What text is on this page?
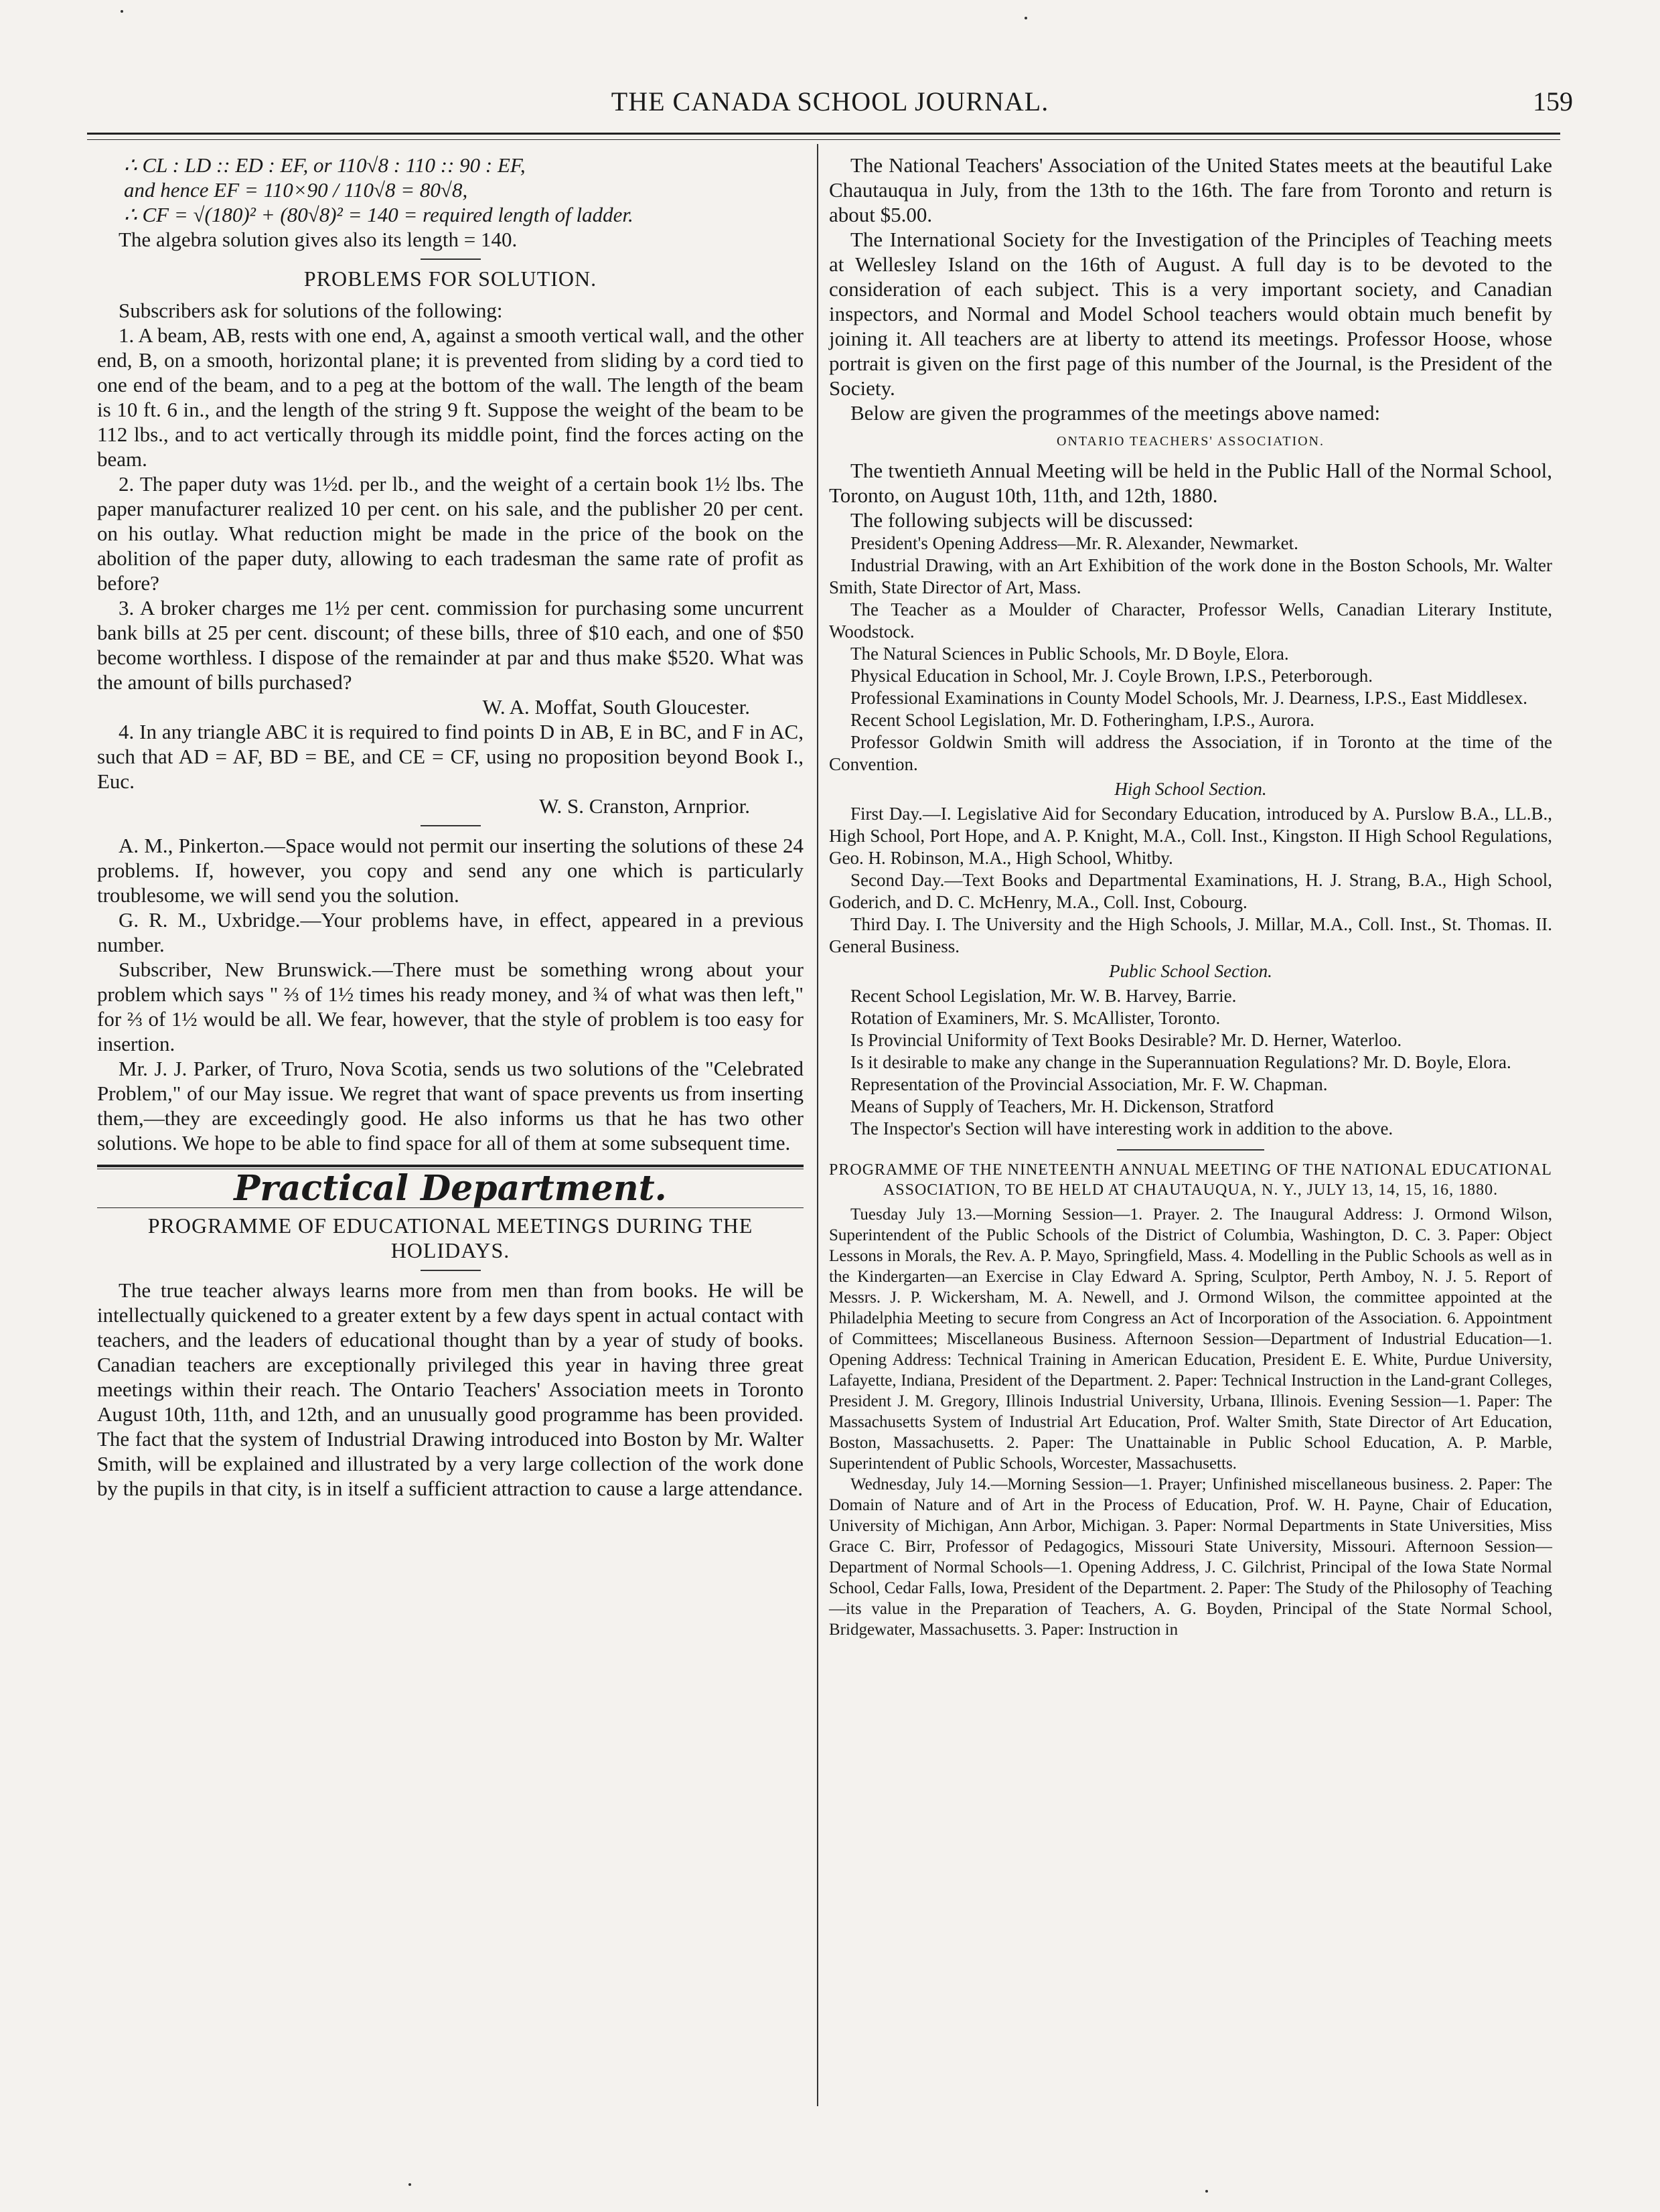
THE CANADA SCHOOL JOURNAL.	159

∴ CL : LD :: ED : EF, or 110√8 : 110 :: 90 : EF,

and hence EF = 110×90 / 110√8 = 80√8,

∴ CF = √(180)² + (80√8)² = 140 = required length of ladder.

The algebra solution gives also its length = 140.

PROBLEMS FOR SOLUTION.

Subscribers ask for solutions of the following:

1. A beam, AB, rests with one end, A, against a smooth vertical wall, and the other end, B, on a smooth, horizontal plane; it is prevented from sliding by a cord tied to one end of the beam, and to a peg at the bottom of the wall. The length of the beam is 10 ft. 6 in., and the length of the string 9 ft. Suppose the weight of the beam to be 112 lbs., and to act vertically through its middle point, find the forces acting on the beam.

2. The paper duty was 1½d. per lb., and the weight of a certain book 1½ lbs. The paper manufacturer realized 10 per cent. on his sale, and the publisher 20 per cent. on his outlay. What reduction might be made in the price of the book on the abolition of the paper duty, allowing to each tradesman the same rate of profit as before?

3. A broker charges me 1½ per cent. commission for purchasing some uncurrent bank bills at 25 per cent. discount; of these bills, three of $10 each, and one of $50 become worthless. I dispose of the remainder at par and thus make $520. What was the amount of bills purchased?

W. A. Moffat, South Gloucester.

4. In any triangle ABC it is required to find points D in AB, E in BC, and F in AC, such that AD = AF, BD = BE, and CE = CF, using no proposition beyond Book I., Euc.

W. S. Cranston, Arnprior.

A. M., Pinkerton.—Space would not permit our inserting the solutions of these 24 problems. If, however, you copy and send any one which is particularly troublesome, we will send you the solution.

G. R. M., Uxbridge.—Your problems have, in effect, appeared in a previous number.

Subscriber, New Brunswick.—There must be something wrong about your problem which says " ⅔ of 1½ times his ready money, and ¾ of what was then left," for ⅔ of 1½ would be all. We fear, however, that the style of problem is too easy for insertion.

Mr. J. J. Parker, of Truro, Nova Scotia, sends us two solutions of the "Celebrated Problem," of our May issue. We regret that want of space prevents us from inserting them,—they are exceedingly good. He also informs us that he has two other solutions. We hope to be able to find space for all of them at some subsequent time.

Practical Department.

PROGRAMME OF EDUCATIONAL MEETINGS DURING THE HOLIDAYS.

The true teacher always learns more from men than from books. He will be intellectually quickened to a greater extent by a few days spent in actual contact with teachers, and the leaders of educational thought than by a year of study of books. Canadian teachers are exceptionally privileged this year in having three great meetings within their reach. The Ontario Teachers' Association meets in Toronto August 10th, 11th, and 12th, and an unusually good programme has been provided. The fact that the system of Industrial Drawing introduced into Boston by Mr. Walter Smith, will be explained and illustrated by a very large collection of the work done by the pupils in that city, is in itself a sufficient attraction to cause a large attendance.

The National Teachers' Association of the United States meets at the beautiful Lake Chautauqua in July, from the 13th to the 16th. The fare from Toronto and return is about $5.00.

The International Society for the Investigation of the Principles of Teaching meets at Wellesley Island on the 16th of August. A full day is to be devoted to the consideration of each subject. This is a very important society, and Canadian inspectors, and Normal and Model School teachers would obtain much benefit by joining it. All teachers are at liberty to attend its meetings. Professor Hoose, whose portrait is given on the first page of this number of the Journal, is the President of the Society.

Below are given the programmes of the meetings above named:

ONTARIO TEACHERS' ASSOCIATION.

The twentieth Annual Meeting will be held in the Public Hall of the Normal School, Toronto, on August 10th, 11th, and 12th, 1880.

The following subjects will be discussed:

President's Opening Address—Mr. R. Alexander, Newmarket.

Industrial Drawing, with an Art Exhibition of the work done in the Boston Schools, Mr. Walter Smith, State Director of Art, Mass.

The Teacher as a Moulder of Character, Professor Wells, Canadian Literary Institute, Woodstock.

The Natural Sciences in Public Schools, Mr. D Boyle, Elora.

Physical Education in School, Mr. J. Coyle Brown, I.P.S., Peterborough.

Professional Examinations in County Model Schools, Mr. J. Dearness, I.P.S., East Middlesex.

Recent School Legislation, Mr. D. Fotheringham, I.P.S., Aurora.

Professor Goldwin Smith will address the Association, if in Toronto at the time of the Convention.

High School Section.

First Day.—I. Legislative Aid for Secondary Education, introduced by A. Purslow B.A., LL.B., High School, Port Hope, and A. P. Knight, M.A., Coll. Inst., Kingston. II High School Regulations, Geo. H. Robinson, M.A., High School, Whitby.

Second Day.—Text Books and Departmental Examinations, H. J. Strang, B.A., High School, Goderich, and D. C. McHenry, M.A., Coll. Inst, Cobourg.

Third Day. I. The University and the High Schools, J. Millar, M.A., Coll. Inst., St. Thomas. II. General Business.

Public School Section.

Recent School Legislation, Mr. W. B. Harvey, Barrie.

Rotation of Examiners, Mr. S. McAllister, Toronto.

Is Provincial Uniformity of Text Books Desirable? Mr. D. Herner, Waterloo.

Is it desirable to make any change in the Superannuation Regulations? Mr. D. Boyle, Elora.

Representation of the Provincial Association, Mr. F. W. Chapman.

Means of Supply of Teachers, Mr. H. Dickenson, Stratford

The Inspector's Section will have interesting work in addition to the above.

PROGRAMME OF THE NINETEENTH ANNUAL MEETING OF THE NATIONAL EDUCATIONAL ASSOCIATION, TO BE HELD AT CHAUTAUQUA, N. Y., JULY 13, 14, 15, 16, 1880.

Tuesday July 13.—Morning Session—1. Prayer. 2. The Inaugural Address: J. Ormond Wilson, Superintendent of the Public Schools of the District of Columbia, Washington, D. C. 3. Paper: Object Lessons in Morals, the Rev. A. P. Mayo, Springfield, Mass. 4. Modelling in the Public Schools as well as in the Kindergarten—an Exercise in Clay Edward A. Spring, Sculptor, Perth Amboy, N. J. 5. Report of Messrs. J. P. Wickersham, M. A. Newell, and J. Ormond Wilson, the committee appointed at the Philadelphia Meeting to secure from Congress an Act of Incorporation of the Association. 6. Appointment of Committees; Miscellaneous Business. Afternoon Session—Department of Industrial Education—1. Opening Address: Technical Training in American Education, President E. E. White, Purdue University, Lafayette, Indiana, President of the Department. 2. Paper: Technical Instruction in the Land-grant Colleges, President J. M. Gregory, Illinois Industrial University, Urbana, Illinois. Evening Session—1. Paper: The Massachusetts System of Industrial Art Education, Prof. Walter Smith, State Director of Art Education, Boston, Massachusetts. 2. Paper: The Unattainable in Public School Education, A. P. Marble, Superintendent of Public Schools, Worcester, Massachusetts.

Wednesday, July 14.—Morning Session—1. Prayer; Unfinished miscellaneous business. 2. Paper: The Domain of Nature and of Art in the Process of Education, Prof. W. H. Payne, Chair of Education, University of Michigan, Ann Arbor, Michigan. 3. Paper: Normal Departments in State Universities, Miss Grace C. Birr, Professor of Pedagogics, Missouri State University, Missouri. Afternoon Session—Department of Normal Schools—1. Opening Address, J. C. Gilchrist, Principal of the Iowa State Normal School, Cedar Falls, Iowa, President of the Department. 2. Paper: The Study of the Philosophy of Teaching—its value in the Preparation of Teachers, A. G. Boyden, Principal of the State Normal School, Bridgewater, Massachusetts. 3. Paper: Instruction in
